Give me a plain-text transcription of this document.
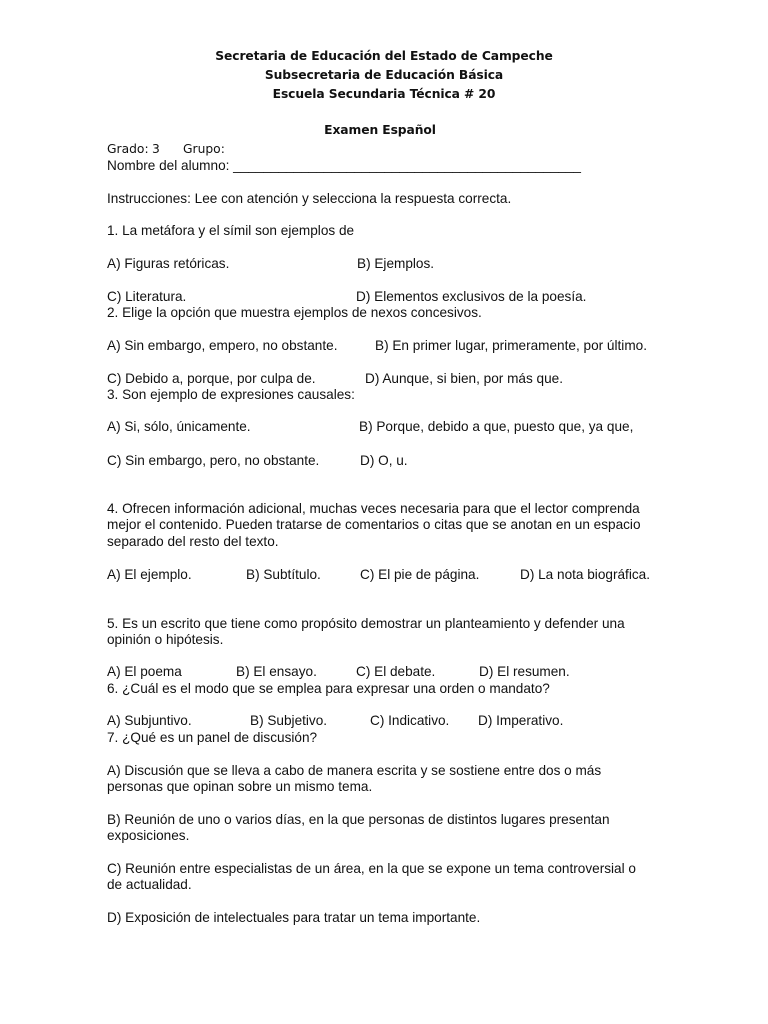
Secretaria de Educación del Estado de Campeche
Subsecretaria de Educación Básica
Escuela Secundaria Técnica # 20
Examen Español
Grado: 3 Grupo:
Nombre del alumno: ______________________________________________
Instrucciones: Lee con atención y selecciona la respuesta correcta.
1. La metáfora y el símil son ejemplos de
A) Figuras retóricas.	B) Ejemplos.
C) Literatura.	D) Elementos exclusivos de la poesía.
2. Elige la opción que muestra ejemplos de nexos concesivos.
A) Sin embargo, empero, no obstante.	B) En primer lugar, primeramente, por último.
C) Debido a, porque, por culpa de.	D) Aunque, si bien, por más que.
3. Son ejemplo de expresiones causales:
A) Si, sólo, únicamente.	B) Porque, debido a que, puesto que, ya que,
C) Sin embargo, pero, no obstante.	D) O, u.
4. Ofrecen información adicional, muchas veces necesaria para que el lector comprenda
mejor el contenido. Pueden tratarse de comentarios o citas que se anotan en un espacio
separado del resto del texto.
A) El ejemplo.	B) Subtítulo.	C) El pie de página.	D) La nota biográfica.
5. Es un escrito que tiene como propósito demostrar un planteamiento y defender una
opinión o hipótesis.
A) El poema	B) El ensayo.	C) El debate.	D) El resumen.
6. ¿Cuál es el modo que se emplea para expresar una orden o mandato?
A) Subjuntivo.	B) Subjetivo.	C) Indicativo. D) Imperativo.
7. ¿Qué es un panel de discusión?
A) Discusión que se lleva a cabo de manera escrita y se sostiene entre dos o más
personas que opinan sobre un mismo tema.
B) Reunión de uno o varios días, en la que personas de distintos lugares presentan
exposiciones.
C) Reunión entre especialistas de un área, en la que se expone un tema controversial o
de actualidad.
D) Exposición de intelectuales para tratar un tema importante.
